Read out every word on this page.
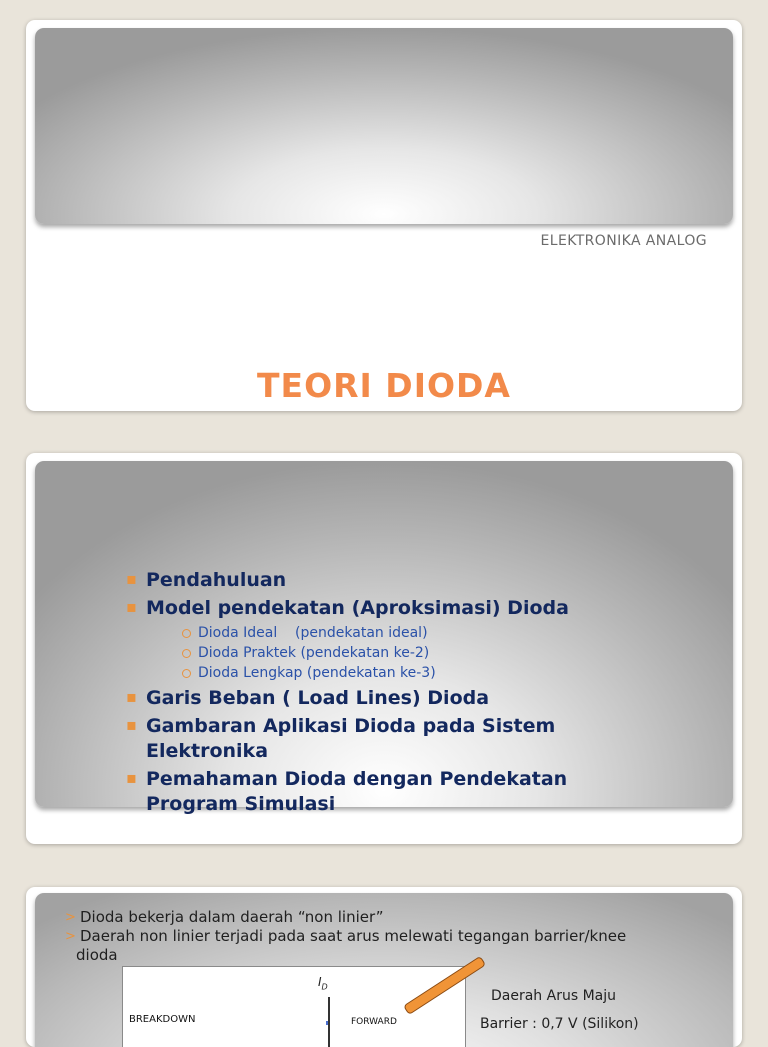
ELEKTRONIKA ANALOG
TEORI DIODA
▪ Pendahuluan
▪ Model pendekatan (Aproksimasi) Dioda
Dioda Ideal    (pendekatan ideal)
Dioda Praktek (pendekatan ke-2)
Dioda Lengkap (pendekatan ke-3)
▪ Garis Beban ( Load Lines) Dioda
▪ Gambaran Aplikasi Dioda pada Sistem Elektronika
▪ Pemahaman Dioda dengan Pendekatan Program Simulasi
> Dioda bekerja dalam daerah “non linier”
> Daerah non linier terjadi pada saat arus melewati tegangan barrier/knee
dioda
$I_D$
BREAKDOWN	FORWARD
Daerah Arus Maju
Barrier : 0,7 V (Silikon)
